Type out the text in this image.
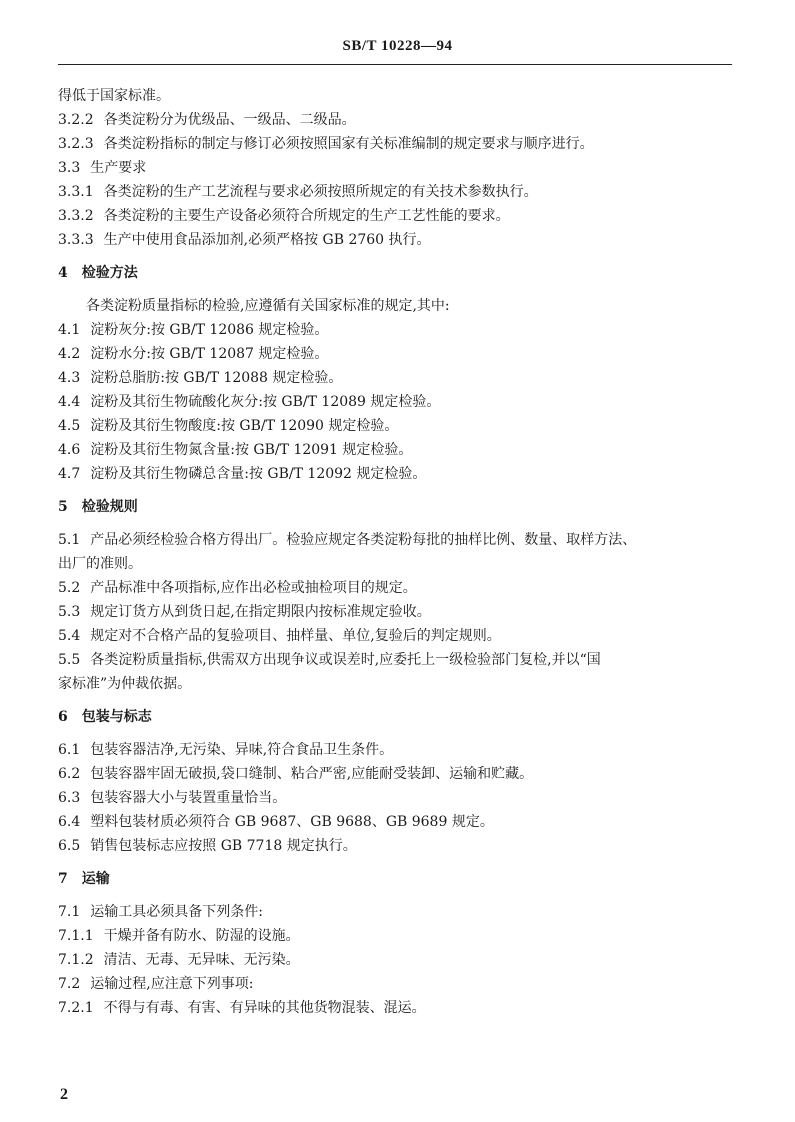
SB/T 10228—94
得低于国家标准。
3.2.2 各类淀粉分为优级品、一级品、二级品。
3.2.3 各类淀粉指标的制定与修订必须按照国家有关标准编制的规定要求与顺序进行。
3.3 生产要求
3.3.1 各类淀粉的生产工艺流程与要求必须按照所规定的有关技术参数执行。
3.3.2 各类淀粉的主要生产设备必须符合所规定的生产工艺性能的要求。
3.3.3 生产中使用食品添加剂,必须严格按 GB 2760 执行。
4 检验方法
各类淀粉质量指标的检验,应遵循有关国家标准的规定,其中:
4.1 淀粉灰分:按 GB/T 12086 规定检验。
4.2 淀粉水分:按 GB/T 12087 规定检验。
4.3 淀粉总脂肪:按 GB/T 12088 规定检验。
4.4 淀粉及其衍生物硫酸化灰分:按 GB/T 12089 规定检验。
4.5 淀粉及其衍生物酸度:按 GB/T 12090 规定检验。
4.6 淀粉及其衍生物氮含量:按 GB/T 12091 规定检验。
4.7 淀粉及其衍生物磷总含量:按 GB/T 12092 规定检验。
5 检验规则
5.1 产品必须经检验合格方得出厂。检验应规定各类淀粉每批的抽样比例、数量、取样方法、
出厂的准则。
5.2 产品标准中各项指标,应作出必检或抽检项目的规定。
5.3 规定订货方从到货日起,在指定期限内按标准规定验收。
5.4 规定对不合格产品的复验项目、抽样量、单位,复验后的判定规则。
5.5 各类淀粉质量指标,供需双方出现争议或误差时,应委托上一级检验部门复检,并以“国
家标准”为仲裁依据。
6 包装与标志
6.1 包装容器洁净,无污染、异味,符合食品卫生条件。
6.2 包装容器牢固无破损,袋口缝制、粘合严密,应能耐受装卸、运输和贮藏。
6.3 包装容器大小与装置重量恰当。
6.4 塑料包装材质必须符合 GB 9687、GB 9688、GB 9689 规定。
6.5 销售包装标志应按照 GB 7718 规定执行。
7 运输
7.1 运输工具必须具备下列条件:
7.1.1 干燥并备有防水、防湿的设施。
7.1.2 清洁、无毒、无异味、无污染。
7.2 运输过程,应注意下列事项:
7.2.1 不得与有毒、有害、有异味的其他货物混装、混运。
2
